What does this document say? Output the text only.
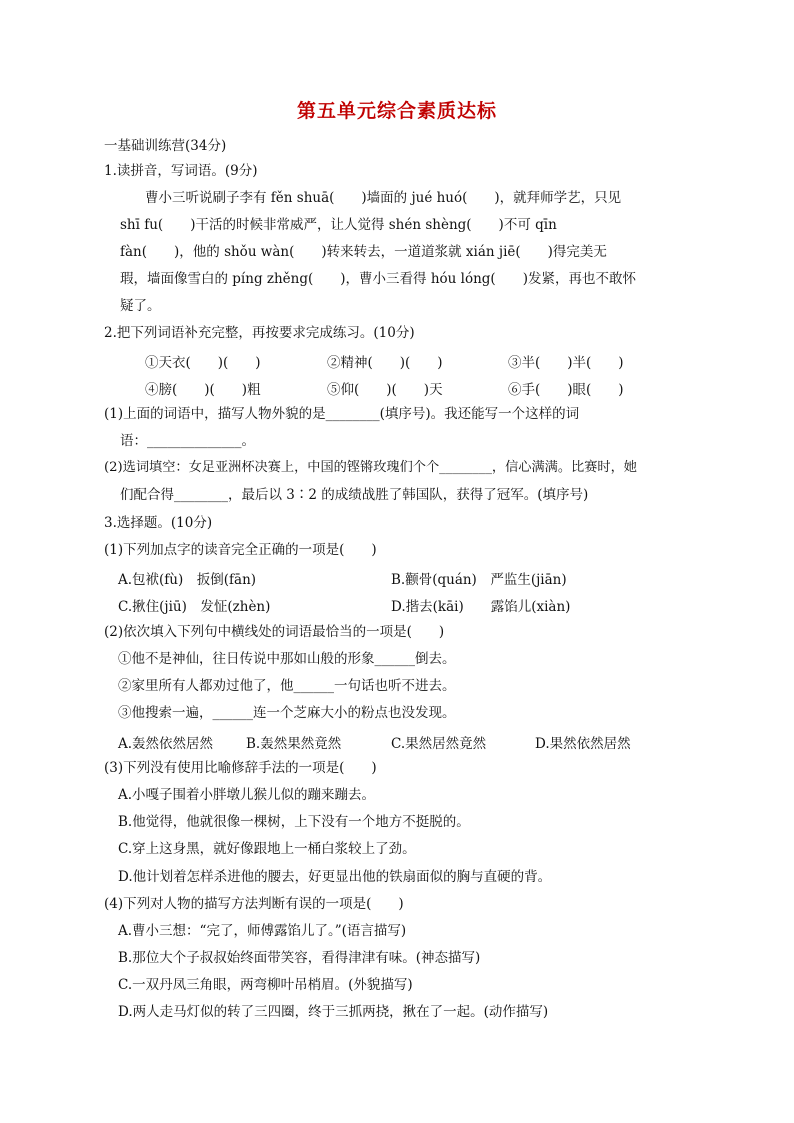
第五单元综合素质达标
一基础训练营(34分)
1.读拼音，写词语。(9分)
曹小三听说刷子李有 fěn shuā(　　)墙面的 jué huó(　　)，就拜师学艺，只见
shī fu(　　)干活的时候非常威严，让人觉得 shén shèng(　　)不可 qīn
fàn(　　)，他的 shǒu wàn(　　)转来转去，一道道浆就 xián jiē(　　)得完美无
瑕，墙面像雪白的 píng zhěng(　　)，曹小三看得 hóu lóng(　　)发紧，再也不敢怀
疑了。
2.把下列词语补充完整，再按要求完成练习。(10分)
①天衣(　　)(　　)	②精神(　　)(　　)	③半(　　)半(　　)
④膀(　　)(　　)粗	⑤仰(　　)(　　)天	⑥手(　　)眼(　　)
(1)上面的词语中，描写人物外貌的是________(填序号)。我还能写一个这样的词
语：______________。
(2)选词填空：女足亚洲杯决赛上，中国的铿锵玫瑰们个个________，信心满满。比赛时，她
们配合得________，最后以 3∶2 的成绩战胜了韩国队，获得了冠军。(填序号)
3.选择题。(10分)
(1)下列加点字的读音完全正确的一项是(　　)
A.包袱(fù)　扳倒(fān)	B.颧骨(quán)　严监生(jiān)
C.揪住(jiū)　发怔(zhèn)	D.揩去(kāi)　　露馅儿(xiàn)
(2)依次填入下列句中横线处的词语最恰当的一项是(　　)
①他不是神仙，往日传说中那如山般的形象______倒去。
②家里所有人都劝过他了，他______一句话也听不进去。
③他搜索一遍，______连一个芝麻大小的粉点也没发现。
A.轰然依然居然 B.轰然果然竟然	C.果然居然竟然	D.果然依然居然
(3)下列没有使用比喻修辞手法的一项是(　　)
A.小嘎子围着小胖墩儿猴儿似的蹦来蹦去。
B.他觉得，他就很像一棵树，上下没有一个地方不挺脱的。
C.穿上这身黑，就好像跟地上一桶白浆较上了劲。
D.他计划着怎样杀进他的腰去，好更显出他的铁扇面似的胸与直硬的背。
(4)下列对人物的描写方法判断有误的一项是(　　)
A.曹小三想：“完了，师傅露馅儿了。”(语言描写)
B.那位大个子叔叔始终面带笑容，看得津津有味。(神态描写)
C.一双丹凤三角眼，两弯柳叶吊梢眉。(外貌描写)
D.两人走马灯似的转了三四圈，终于三抓两挠，揪在了一起。(动作描写)
